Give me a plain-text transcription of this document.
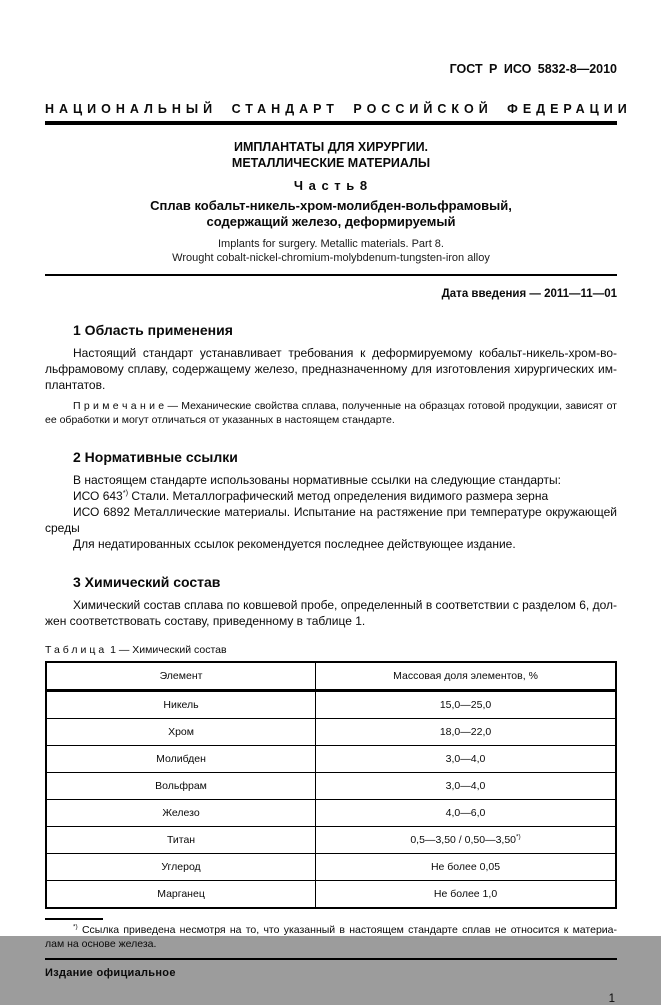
ГОСТ Р ИСО 5832-8—2010
НАЦИОНАЛЬНЫЙ СТАНДАРТ РОССИЙСКОЙ ФЕДЕРАЦИИ
ИМПЛАНТАТЫ ДЛЯ ХИРУРГИИ.
МЕТАЛЛИЧЕСКИЕ МАТЕРИАЛЫ
Ч а с т ь 8
Сплав кобальт-никель-хром-молибден-вольфрамовый,
содержащий железо, деформируемый
Implants for surgery. Metallic materials. Part 8.
Wrought cobalt-nickel-chromium-molybdenum-tungsten-iron alloy
Дата введения — 2011—11—01
1 Область применения
Настоящий стандарт устанавливает требования к деформируемому кобальт-никель-хром-во-
льфрамовому сплаву, содержащему железо, предназначенному для изготовления хирургических им-
плантатов.
П р и м е ч а н и е — Механические свойства сплава, полученные на образцах готовой продукции, зависят от
ее обработки и могут отличаться от указанных в настоящем стандарте.
2 Нормативные ссылки
В настоящем стандарте использованы нормативные ссылки на следующие стандарты:
ИСО 643*) Стали. Металлографический метод определения видимого размера зерна
ИСО 6892 Металлические материалы. Испытание на растяжение при температуре окружающей
среды
Для недатированных ссылок рекомендуется последнее действующее издание.
3 Химический состав
Химический состав сплава по ковшевой пробе, определенный в соответствии с разделом 6, дол-
жен соответствовать составу, приведенному в таблице 1.
Таблица 1 — Химический состав
Элемент	Массовая доля элементов, %
Никель	15,0—25,0
Хром	18,0—22,0
Молибден	3,0—4,0
Вольфрам	3,0—4,0
Железо	4,0—6,0
Титан	0,5—3,50 / 0,50—3,50*)
Углерод	Не более 0,05
Марганец	Не более 1,0
*) Ссылка приведена несмотря на то, что указанный в настоящем стандарте сплав не относится к материа-
лам на основе железа.
Издание официальное
1
